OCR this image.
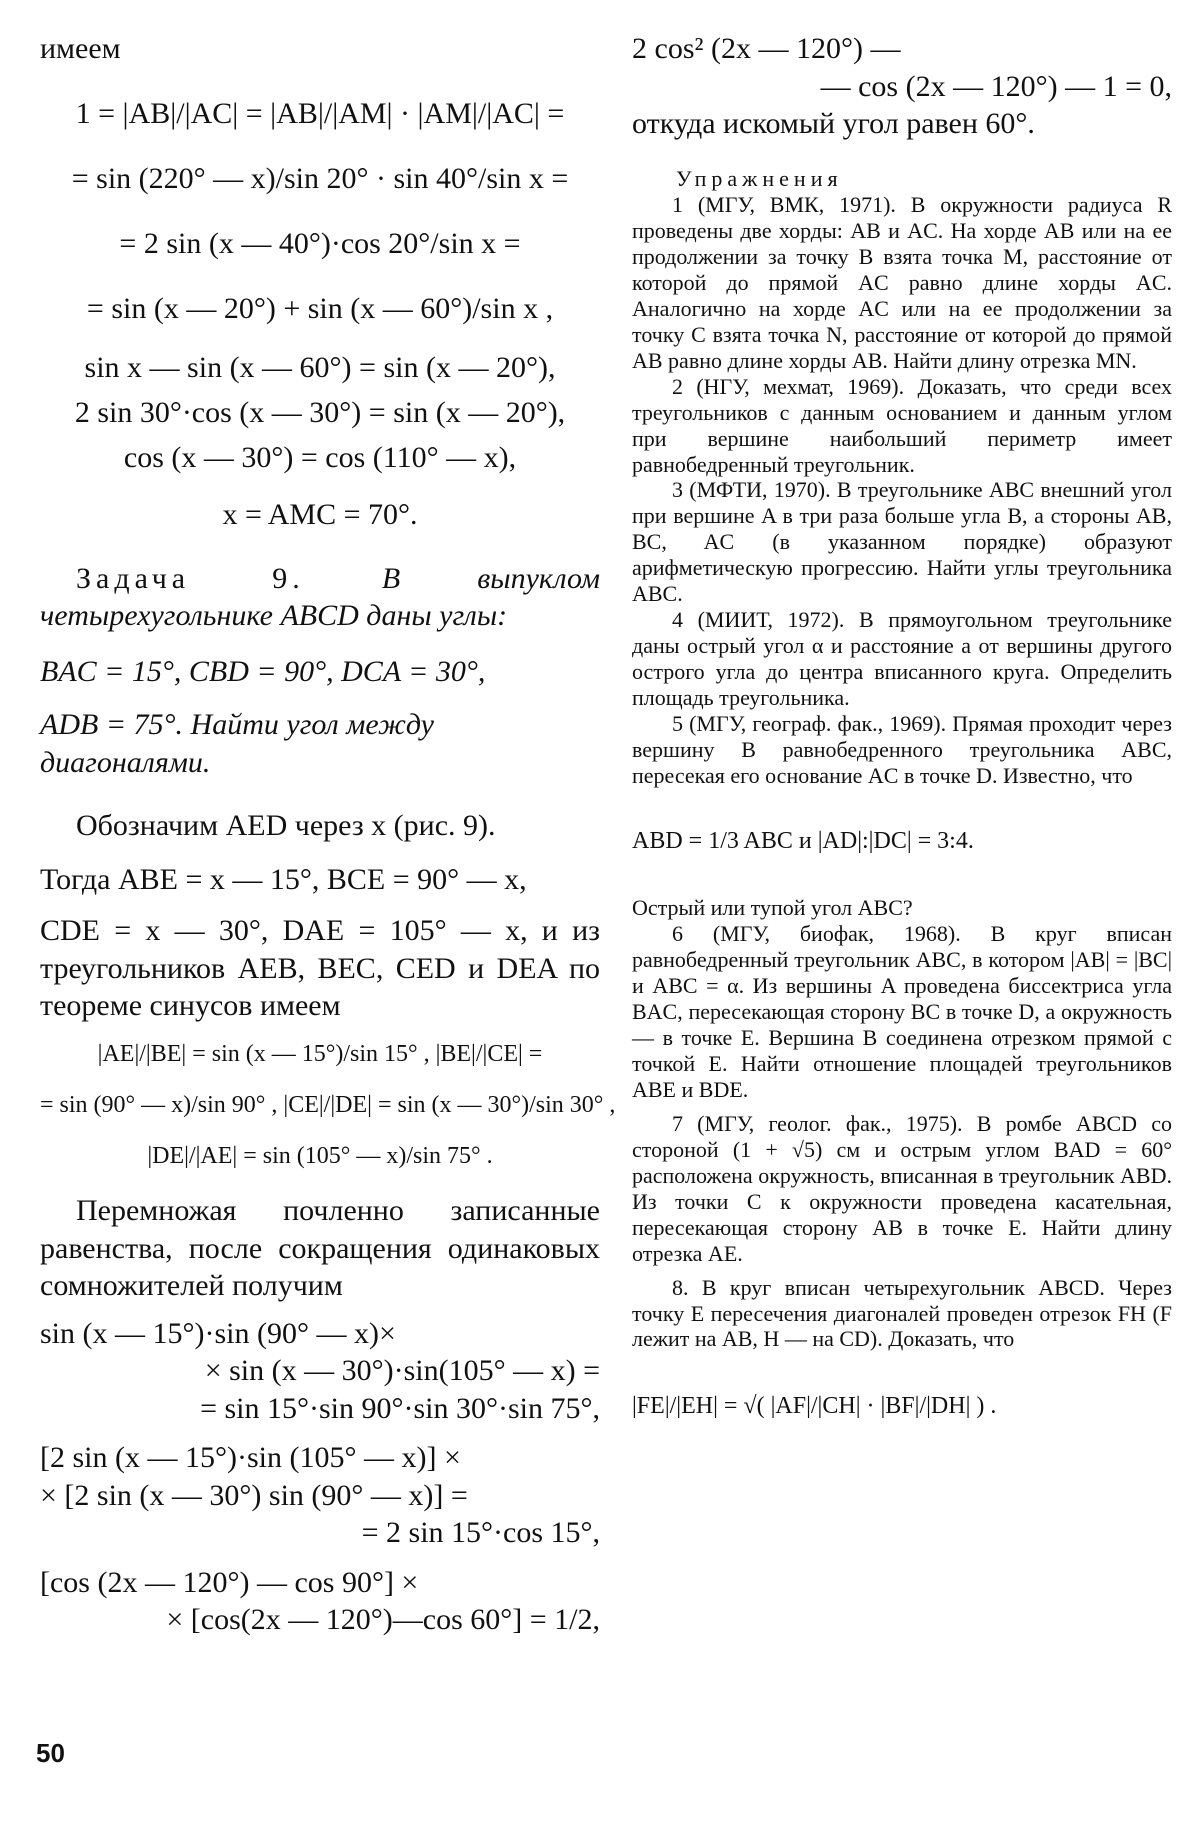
имеем

1 = |AB|/|AC| = |AB|/|AM| · |AM|/|AC| =

= sin (220° — x)/sin 20° · sin 40°/sin x =

= 2 sin (x — 40°)·cos 20°/sin x =

= sin (x — 20°) + sin (x — 60°)/sin x ,

sin x — sin (x — 60°) = sin (x — 20°),

2 sin 30°·cos (x — 30°) = sin (x — 20°),

cos (x — 30°) = cos (110° — x),

x = AMC = 70°.

Задача 9.	В выпуклом четырехугольнике ABCD даны углы:

BAC = 15°, CBD = 90°, DCA = 30°,

ADB = 75°. Найти угол между диагоналями.

Обозначим AED через x (рис. 9).

Тогда ABE = x — 15°, BCE = 90° — x,

CDE = x — 30°, DAE = 105° — x, и из треугольников AEB, BEC, CED и DEA по теореме синусов имеем

|AE|/|BE| = sin (x — 15°)/sin 15° , |BE|/|CE| =

= sin (90° — x)/sin 90° , |CE|/|DE| = sin (x — 30°)/sin 30° ,

|DE|/|AE| = sin (105° — x)/sin 75° .

Перемножая почленно записанные равенства, после сокращения одинаковых сомножителей получим

sin (x — 15°)·sin (90° — x)×

× sin (x — 30°)·sin(105° — x) =

= sin 15°·sin 90°·sin 30°·sin 75°,

[2 sin (x — 15°)·sin (105° — x)] ×

× [2 sin (x — 30°) sin (90° — x)] =

= 2 sin 15°·cos 15°,

[cos (2x — 120°) — cos 90°] ×

× [cos(2x — 120°)—cos 60°] = 1/2,

2 cos² (2x — 120°) —

— cos (2x — 120°) — 1 = 0,

откуда искомый угол равен 60°.

Упражнения

1 (МГУ, ВМК, 1971). В окружности радиуса R проведены две хорды: AB и AC. На хорде AB или на ее продолжении за точку B взята точка M, расстояние от которой до прямой AC равно длине хорды AC. Аналогично на хорде AC или на ее продолжении за точку C взята точка N, расстояние от которой до прямой AB равно длине хорды AB. Найти длину отрезка MN.

2 (НГУ, мехмат, 1969). Доказать, что среди всех треугольников с данным основанием и данным углом при вершине наибольший периметр имеет равнобедренный треугольник.

3 (МФТИ, 1970). В треугольнике ABC внешний угол при вершине A в три раза больше угла B, а стороны AB, BC, AC (в указанном порядке) образуют арифметическую прогрессию. Найти углы треугольника ABC.

4 (МИИТ, 1972). В прямоугольном треугольнике даны острый угол α и расстояние a от вершины другого острого угла до центра вписанного круга. Определить площадь треугольника.

5 (МГУ, географ. фак., 1969). Прямая проходит через вершину B равнобедренного треугольника ABC, пересекая его основание AC в точке D. Известно, что

ABD = 1/3 ABC и |AD|:|DC| = 3:4.

Острый или тупой угол ABC?

6 (МГУ, биофак, 1968). В круг вписан равнобедренный треугольник ABC, в котором |AB| = |BC| и ABC = α. Из вершины A проведена биссектриса угла BAC, пересекающая сторону BC в точке D, а окружность — в точке E. Вершина B соединена отрезком прямой с точкой E. Найти отношение площадей треугольников ABE и BDE.

7 (МГУ, геолог. фак., 1975). В ромбе ABCD со стороной (1 + √5) см и острым углом BAD = 60° расположена окружность, вписанная в треугольник ABD. Из точки C к окружности проведена касательная, пересекающая сторону AB в точке E. Найти длину отрезка AE.

8. В круг вписан четырехугольник ABCD. Через точку E пересечения диагоналей проведен отрезок FH (F лежит на AB, H — на CD). Доказать, что

|FE|/|EH| = √( |AF|/|CH| · |BF|/|DH| ) .

50
